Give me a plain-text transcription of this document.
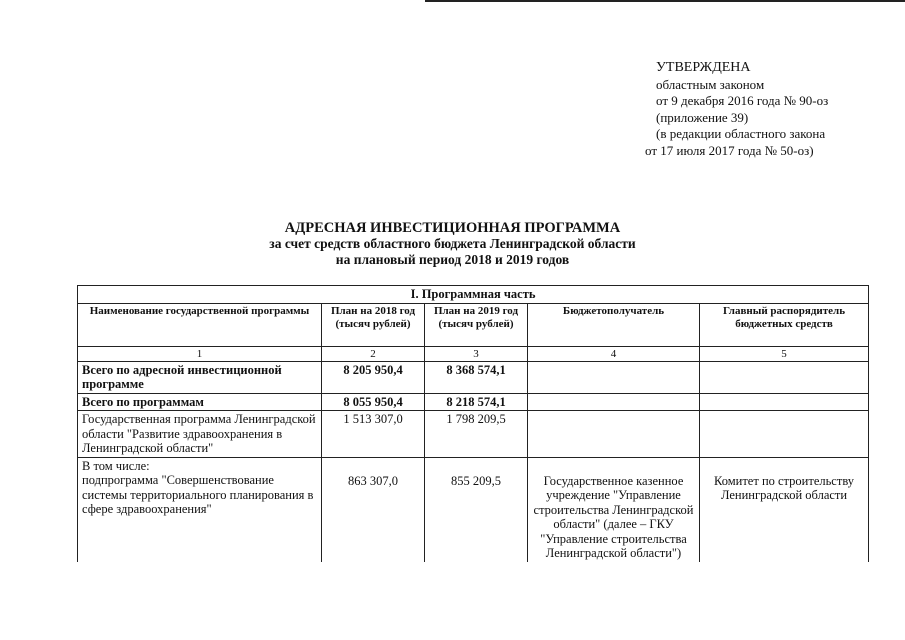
УТВЕРЖДЕНА
областным законом
от 9 декабря 2016 года № 90-оз
(приложение 39)
(в редакции областного закона
от 17 июля 2017 года № 50-оз)
АДРЕСНАЯ ИНВЕСТИЦИОННАЯ ПРОГРАММА
за счет средств областного бюджета Ленинградской области
на плановый период 2018 и 2019 годов
I. Программная часть				
Наименование государственной программы	План на 2018 год (тысяч рублей)	План на 2019 год (тысяч рублей)	Бюджетополучатель	Главный распорядитель бюджетных средств
1	2	3	4	5
Всего по адресной инвестиционной программе	8 205 950,4	8 368 574,1		
Всего по программам	8 055 950,4	8 218 574,1		
Государственная программа Ленинградской области "Развитие здравоохранения в Ленинградской области"	1 513 307,0	1 798 209,5		

В том числе:
подпрограмма "Совершенствование системы территориального планирования в сфере здравоохранения"	863 307,0	855 209,5	Государственное казенное учреждение "Управление строительства Ленинградской области" (далее – ГКУ "Управление строительства Ленинградской области")	Комитет по строительству Ленинградской области
